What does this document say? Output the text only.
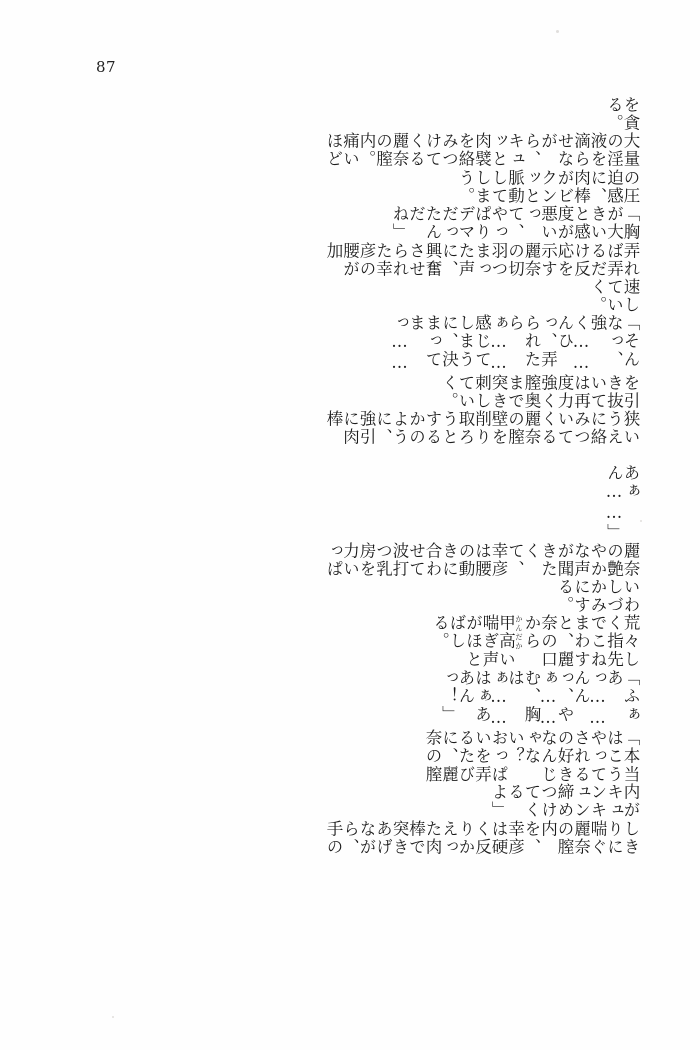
87
を貪る。
大量の淫液を滴らせながら、キュッと肉襞を絡みつけてくる麗奈の膣内。痛いほど
の圧迫感に、肉棒がビクンッと脈動してしまう。
「胸が大きいと感度が悪いって、やっぱりデマだったんだね」
弄れば弄るだけ反応を示す麗奈の切羽つまった声に、興奮させられた幸彦の腰が加
速していく。
「そんなっ、強く……んひっ、弄られたらぁ……感じてしまうに、決まってまっ……
を引き抜いては再度力強く膣奥まで突き刺していく。
狭いうえに絡みついてくる麗奈の膣壁を削り取ろうとするかのように、強引に肉棒
あぁん……」
麗奈の艶やかな声が聞きたくて、幸彦は腰の動きに合わせて波打つ乳房を力いっぱ
いわしづかみにする。
荒々しく指先でこねまわすと、麗奈の口から甲高 かんだかい喘ぎ声がほとばしる。
「ふぁあっ……んんっ、やぁ……む、胸はぁ……はぁああんっ！」
「本当はこうやってされるの好きなんじゃない？　おっぱいを弄るたびに、麗奈の膣
内がキュンキュン締めつけてくるよ」
しきりに喘ぐ麗奈の膣内を、幸彦は硬く反りかえった肉棒で突きあげながら、手の
